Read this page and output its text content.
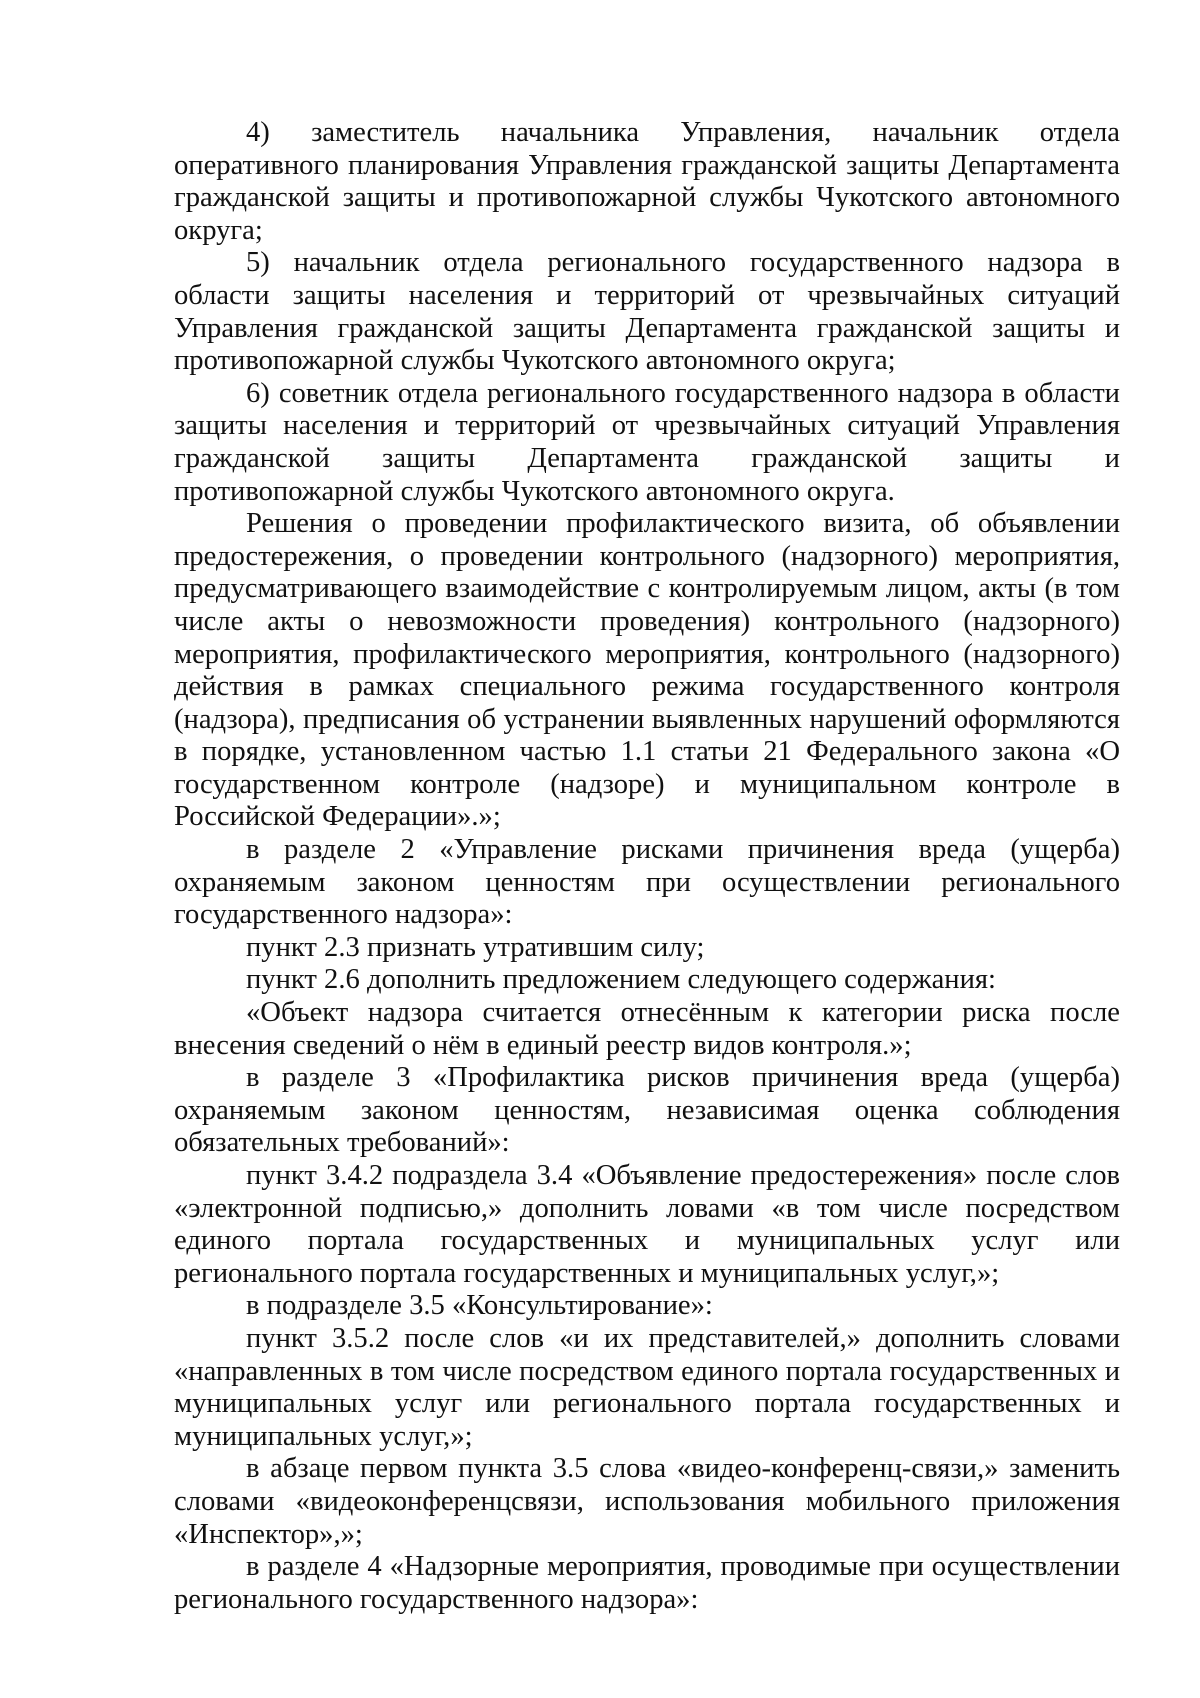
4) заместитель начальника Управления, начальник отдела оперативного планирования Управления гражданской защиты Департамента гражданской защиты и противопожарной службы Чукотского автономного округа;

5) начальник отдела регионального государственного надзора в области защиты населения и территорий от чрезвычайных ситуаций Управления гражданской защиты Департамента гражданской защиты и противопожарной службы Чукотского автономного округа;

6) советник отдела регионального государственного надзора в области защиты населения и территорий от чрезвычайных ситуаций Управления гражданской защиты Департамента гражданской защиты и противопожарной службы Чукотского автономного округа.

Решения о проведении профилактического визита, об объявлении предостережения, о проведении контрольного (надзорного) мероприятия, предусматривающего взаимодействие с контролируемым лицом, акты (в том числе акты о невозможности проведения) контрольного (надзорного) мероприятия, профилактического мероприятия, контрольного (надзорного) действия в рамках специального режима государственного контроля (надзора), предписания об устранении выявленных нарушений оформляются в порядке, установленном частью 1.1 статьи 21 Федерального закона «О государственном контроле (надзоре) и муниципальном контроле в Российской Федерации».»;

в разделе 2 «Управление рисками причинения вреда (ущерба) охраняемым законом ценностям при осуществлении регионального государственного надзора»:

пункт 2.3 признать утратившим силу;

пункт 2.6 дополнить предложением следующего содержания:

«Объект надзора считается отнесённым к категории риска после внесения сведений о нём в единый реестр видов контроля.»;

в разделе 3 «Профилактика рисков причинения вреда (ущерба) охраняемым законом ценностям, независимая оценка соблюдения обязательных требований»:

пункт 3.4.2 подраздела 3.4 «Объявление предостережения» после слов «электронной подписью,» дополнить ловами «в том числе посредством единого портала государственных и муниципальных услуг или регионального портала государственных и муниципальных услуг,»;

в подразделе 3.5 «Консультирование»:

пункт 3.5.2 после слов «и их представителей,» дополнить словами «направленных в том числе посредством единого портала государственных и муниципальных услуг или регионального портала государственных и муниципальных услуг,»;

в абзаце первом пункта 3.5 слова «видео-конференц-связи,» заменить словами «видеоконференцсвязи, использования мобильного приложения «Инспектор»,»;

в разделе 4 «Надзорные мероприятия, проводимые при осуществлении регионального государственного надзора»:
